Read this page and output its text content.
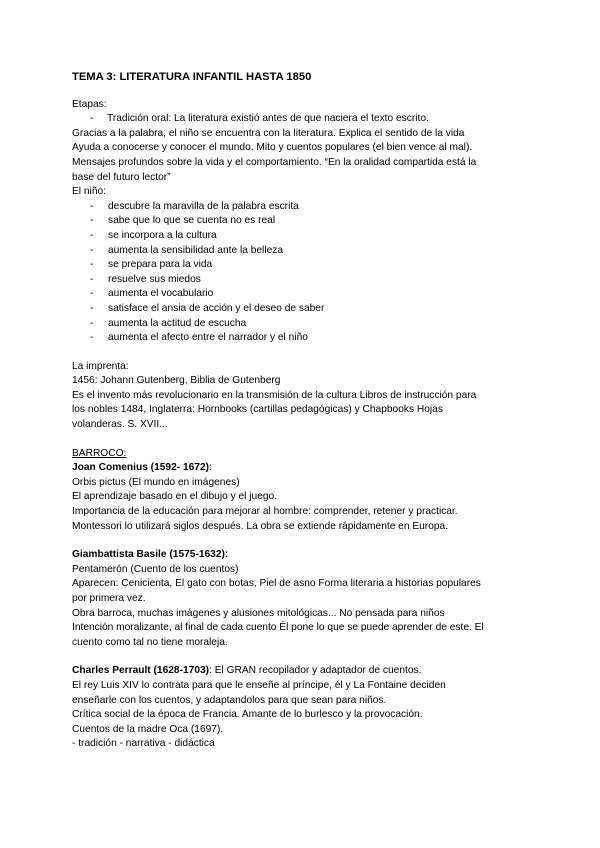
TEMA 3: LITERATURA INFANTIL HASTA 1850
Etapas:
- Tradición oral: La literatura existió antes de que naciera el texto escrito.
Gracias a la palabra, el niño se encuentra con la literatura. Explica el sentido de la vida
Ayuda a conocerse y conocer el mundo. Mito y cuentos populares (el bien vence al mal).
Mensajes profundos sobre la vida y el comportamiento. “En la oralidad compartida está la
base del futuro lector”
El niño:
- descubre la maravilla de la palabra escrita
- sabe que lo que se cuenta no es real
- se incorpora a la cultura
- aumenta la sensibilidad ante la belleza
- se prepara para la vida
- resuelve sus miedos
- aumenta el vocabulario
- satisface el ansia de acción y el deseo de saber
- aumenta la actitud de escucha
- aumenta el afecto entre el narrador y el niño
La imprenta:
1456: Johann Gutenberg, Biblia de Gutenberg
Es el invento más revolucionario en la transmisión de la cultura Libros de instrucción para
los nobles 1484, Inglaterra: Hornbooks (cartillas pedagógicas) y Chapbooks Hojas
volanderas. S. XVII...
BARROCO:
Joan Comenius (1592- 1672):
Orbis pictus (El mundo en imágenes)
El aprendizaje basado en el dibujo y el juego.
Importancia de la educación para mejorar al hombre: comprender, retener y practicar.
Montessori lo utilizará siglos después. La obra se extiende rápidamente en Europa.
Giambattista Basile (1575-1632):
Pentamerón (Cuento de los cuentos)
Aparecen: Cenicienta, El gato con botas, Piel de asno Forma literaria a historias populares
por primera vez.
Obra barroca, muchas imágenes y alusiones mitológicas... No pensada para niños
Intención moralizante, al final de cada cuento Él pone lo que se puede aprender de este. El
cuento como tal no tiene moraleja.
Charles Perrault (1628-1703): El GRAN recopilador y adaptador de cuentos.
El rey Luis XIV lo contrata para que le enseñe al príncipe, él y La Fontaine deciden
enseñarle con los cuentos, y adaptandolos para que sean para niños.
Crítica social de la época de Francia. Amante de lo burlesco y la provocación.
Cuentos de la madre Oca (1697).
- tradición - narrativa - didáctica
